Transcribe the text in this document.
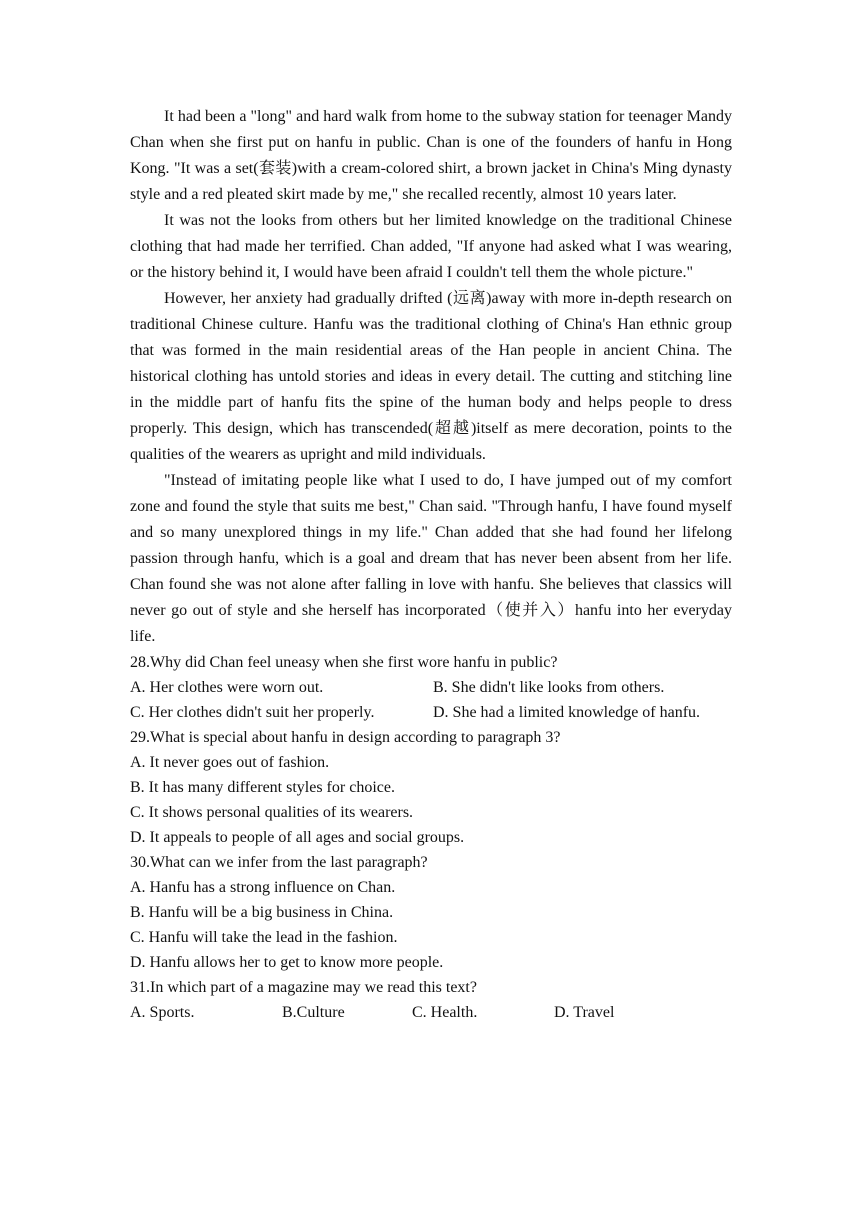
It had been a "long" and hard walk from home to the subway station for teenager Mandy Chan when she first put on hanfu in public. Chan is one of the founders of hanfu in Hong Kong. "It was a set(套装)with a cream-colored shirt, a brown jacket in China's Ming dynasty style and a red pleated skirt made by me," she recalled recently, almost 10 years later.

It was not the looks from others but her limited knowledge on the traditional Chinese clothing that had made her terrified. Chan added, "If anyone had asked what I was wearing, or the history behind it, I would have been afraid I couldn't tell them the whole picture."

However, her anxiety had gradually drifted (远离)away with more in-depth research on traditional Chinese culture. Hanfu was the traditional clothing of China's Han ethnic group that was formed in the main residential areas of the Han people in ancient China. The historical clothing has untold stories and ideas in every detail. The cutting and stitching line in the middle part of hanfu fits the spine of the human body and helps people to dress properly. This design, which has transcended(超越)itself as mere decoration, points to the qualities of the wearers as upright and mild individuals.

"Instead of imitating people like what I used to do, I have jumped out of my comfort zone and found the style that suits me best," Chan said. "Through hanfu, I have found myself and so many unexplored things in my life." Chan added that she had found her lifelong passion through hanfu, which is a goal and dream that has never been absent from her life. Chan found she was not alone after falling in love with hanfu. She believes that classics will never go out of style and she herself has incorporated（使并入）hanfu into her everyday life.

28.Why did Chan feel uneasy when she first wore hanfu in public?

A. Her clothes were worn out.	B. She didn't like looks from others.

C. Her clothes didn't suit her properly.	D. She had a limited knowledge of hanfu.

29.What is special about hanfu in design according to paragraph 3?

A. It never goes out of fashion.

B. It has many different styles for choice.

C. It shows personal qualities of its wearers.

D. It appeals to people of all ages and social groups.

30.What can we infer from the last paragraph?

A. Hanfu has a strong influence on Chan.

B. Hanfu will be a big business in China.

C. Hanfu will take the lead in the fashion.

D. Hanfu allows her to get to know more people.

31.In which part of a magazine may we read this text?

A. Sports.	B.Culture	C. Health.	D. Travel
